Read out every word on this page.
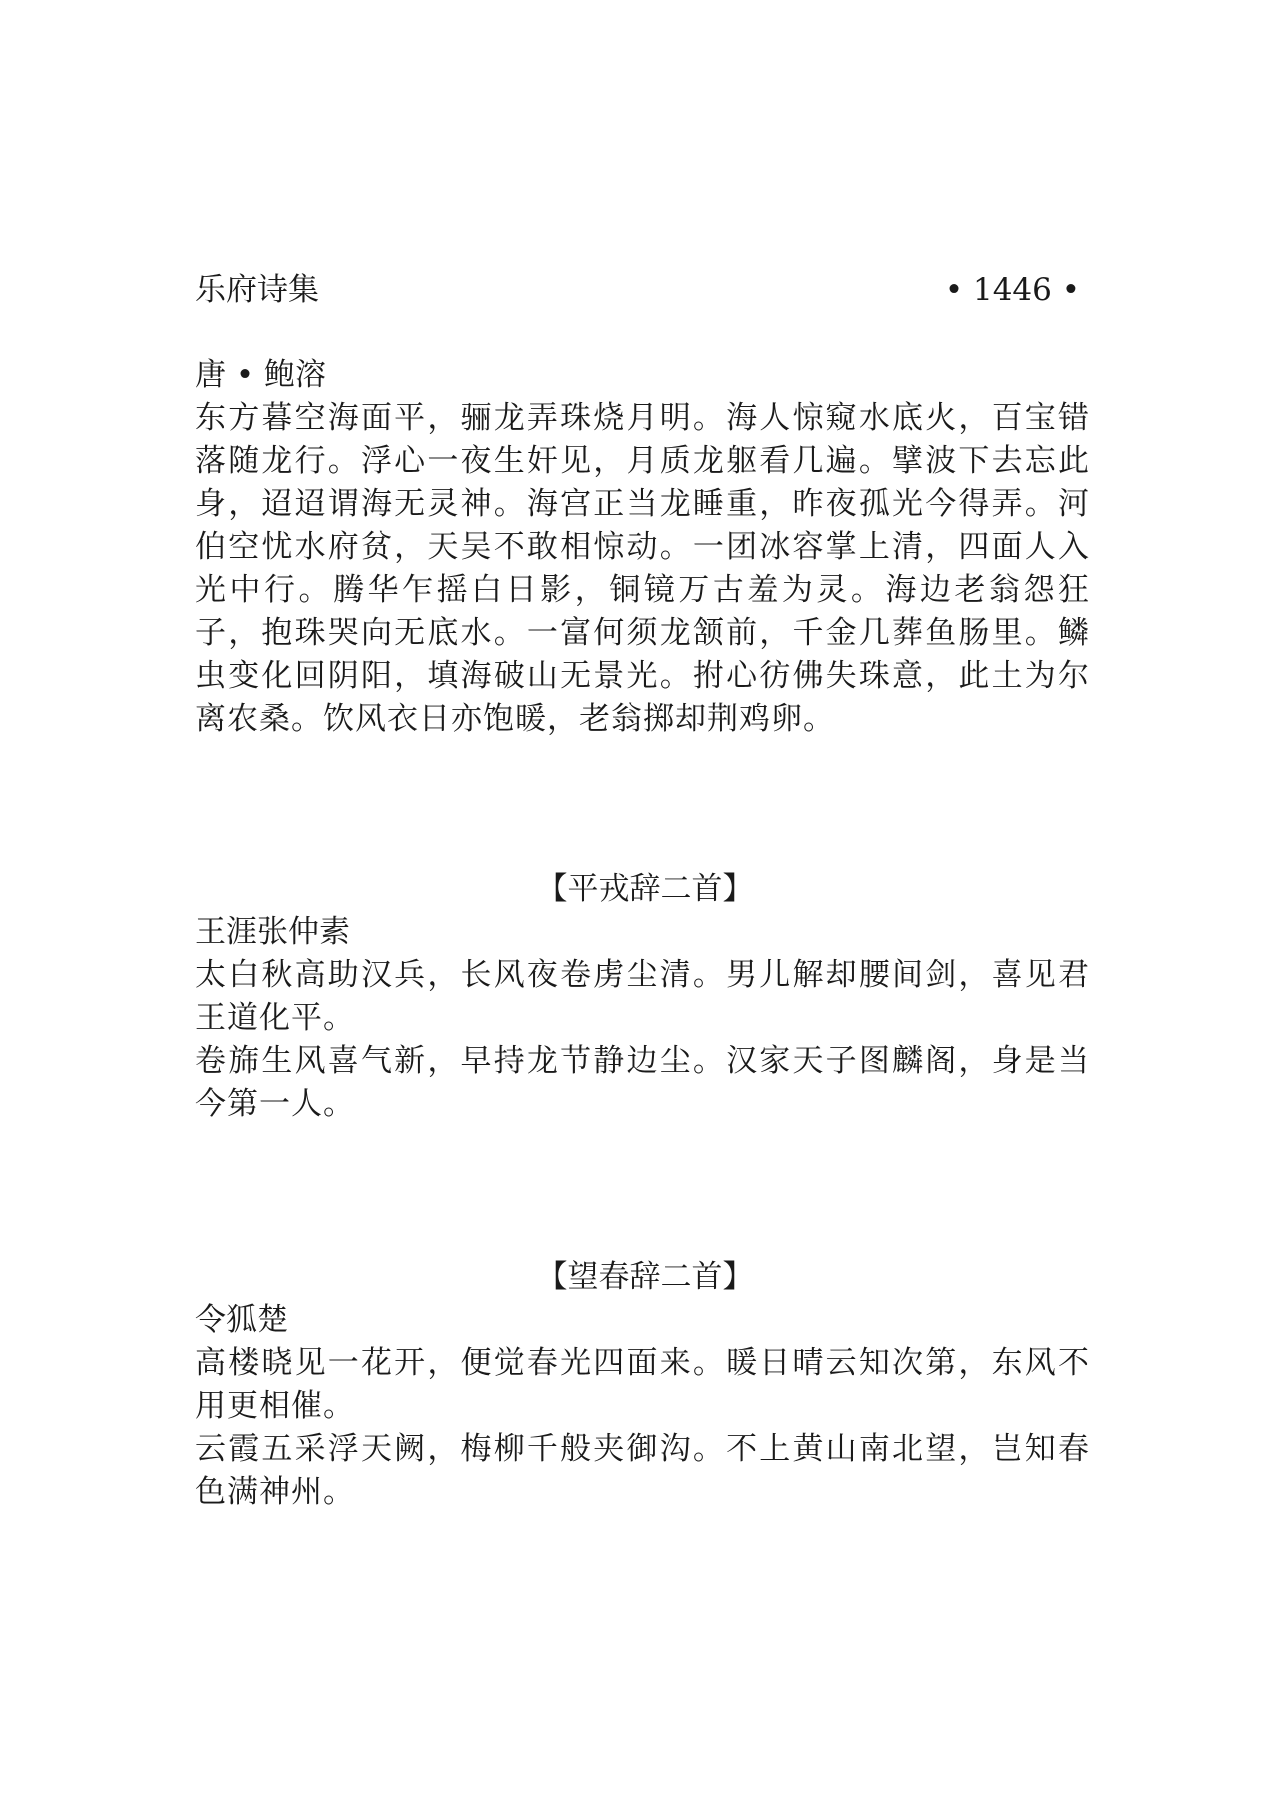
乐府诗集	• 1446 •

唐 • 鲍溶

东方暮空海面平，骊龙弄珠烧月明。海人惊窥水底火，百宝错落随龙行。浮心一夜生奸见，月质龙躯看几遍。擘波下去忘此身，迢迢谓海无灵神。海宫正当龙睡重，昨夜孤光今得弄。河伯空忧水府贫，天吴不敢相惊动。一团冰容掌上清，四面人入光中行。腾华乍摇白日影，铜镜万古羞为灵。海边老翁怨狂子，抱珠哭向无底水。一富何须龙颔前，千金几葬鱼肠里。鳞虫变化回阴阳，填海破山无景光。拊心彷佛失珠意，此土为尔离农桑。饮风衣日亦饱暖，老翁掷却荆鸡卵。

【平戎辞二首】

王涯张仲素

太白秋高助汉兵，长风夜卷虏尘清。男儿解却腰间剑，喜见君王道化平。

卷旆生风喜气新，早持龙节静边尘。汉家天子图麟阁，身是当今第一人。

【望春辞二首】

令狐楚

高楼晓见一花开，便觉春光四面来。暖日晴云知次第，东风不用更相催。

云霞五采浮天阙，梅柳千般夹御沟。不上黄山南北望，岂知春色满神州。
